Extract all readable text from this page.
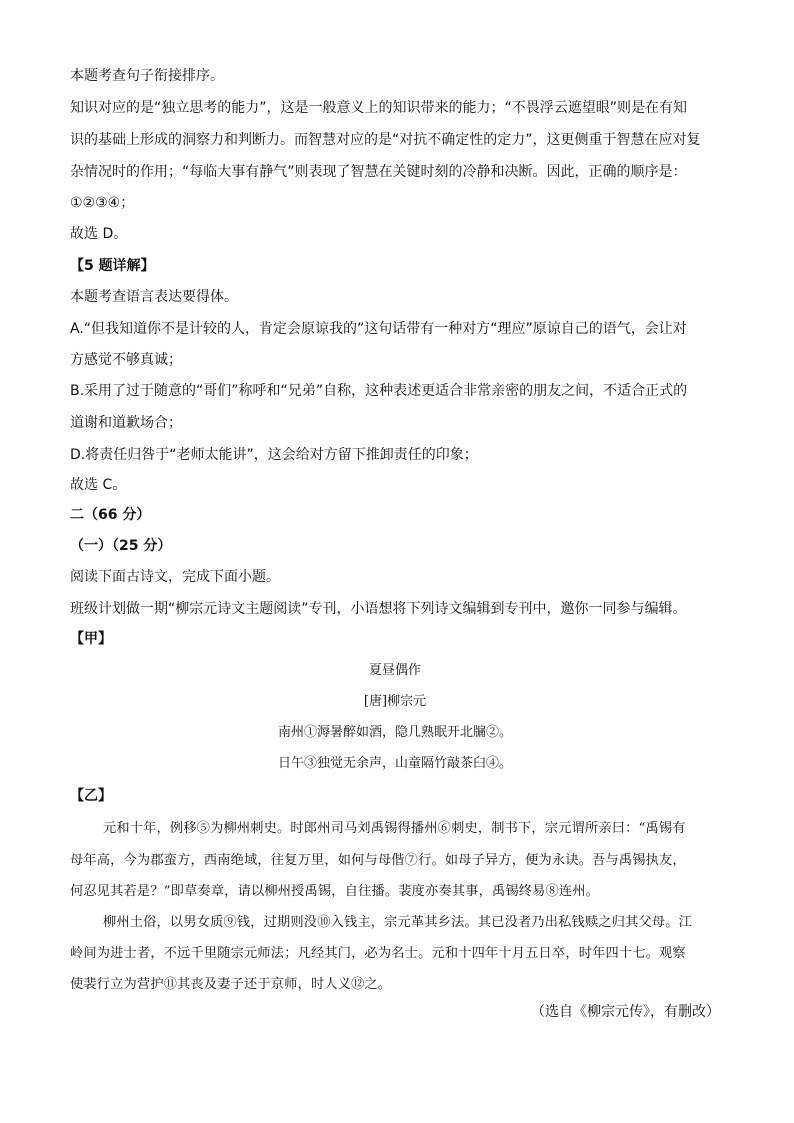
本题考查句子衔接排序。
知识对应的是“独立思考的能力”，这是一般意义上的知识带来的能力；“不畏浮云遮望眼”则是在有知
识的基础上形成的洞察力和判断力。而智慧对应的是“对抗不确定性的定力”，这更侧重于智慧在应对复
杂情况时的作用；“每临大事有静气”则表现了智慧在关键时刻的冷静和决断。因此，正确的顺序是：
①②③④；
故选 D。
【5 题详解】
本题考查语言表达要得体。
A.“但我知道你不是计较的人，肯定会原谅我的”这句话带有一种对方“理应”原谅自己的语气，会让对
方感觉不够真诚；
B.采用了过于随意的“哥们”称呼和“兄弟”自称，这种表述更适合非常亲密的朋友之间，不适合正式的
道谢和道歉场合；
D.将责任归咎于“老师太能讲”，这会给对方留下推卸责任的印象；
故选 C。
二（66 分）
（一）（25 分）
阅读下面古诗文，完成下面小题。
班级计划做一期“柳宗元诗文主题阅读”专刊，小语想将下列诗文编辑到专刊中，邀你一同参与编辑。
【甲】
夏昼偶作
[唐]柳宗元
南州①溽暑醉如酒，隐几熟眠开北牖②。
日午③独觉无余声，山童隔竹敲茶臼④。
【乙】
元和十年，例移⑤为柳州刺史。时郎州司马刘禹锡得播州⑥刺史，制书下，宗元谓所亲曰：“禹锡有
母年高，今为郡蛮方，西南绝域，往复万里，如何与母偕⑦行。如母子异方，便为永诀。吾与禹锡执友，
何忍见其若是？”即草奏章，请以柳州授禹锡，自往播。裴度亦奏其事，禹锡终易⑧连州。
柳州土俗，以男女质⑨钱，过期则没⑩入钱主，宗元革其乡法。其已没者乃出私钱赎之归其父母。江
岭间为进士者，不远千里随宗元师法；凡经其门，必为名士。元和十四年十月五日卒，时年四十七。观察
使裴行立为营护⑪其丧及妻子还于京师，时人义⑫之。
（选自《柳宗元传》，有删改）
